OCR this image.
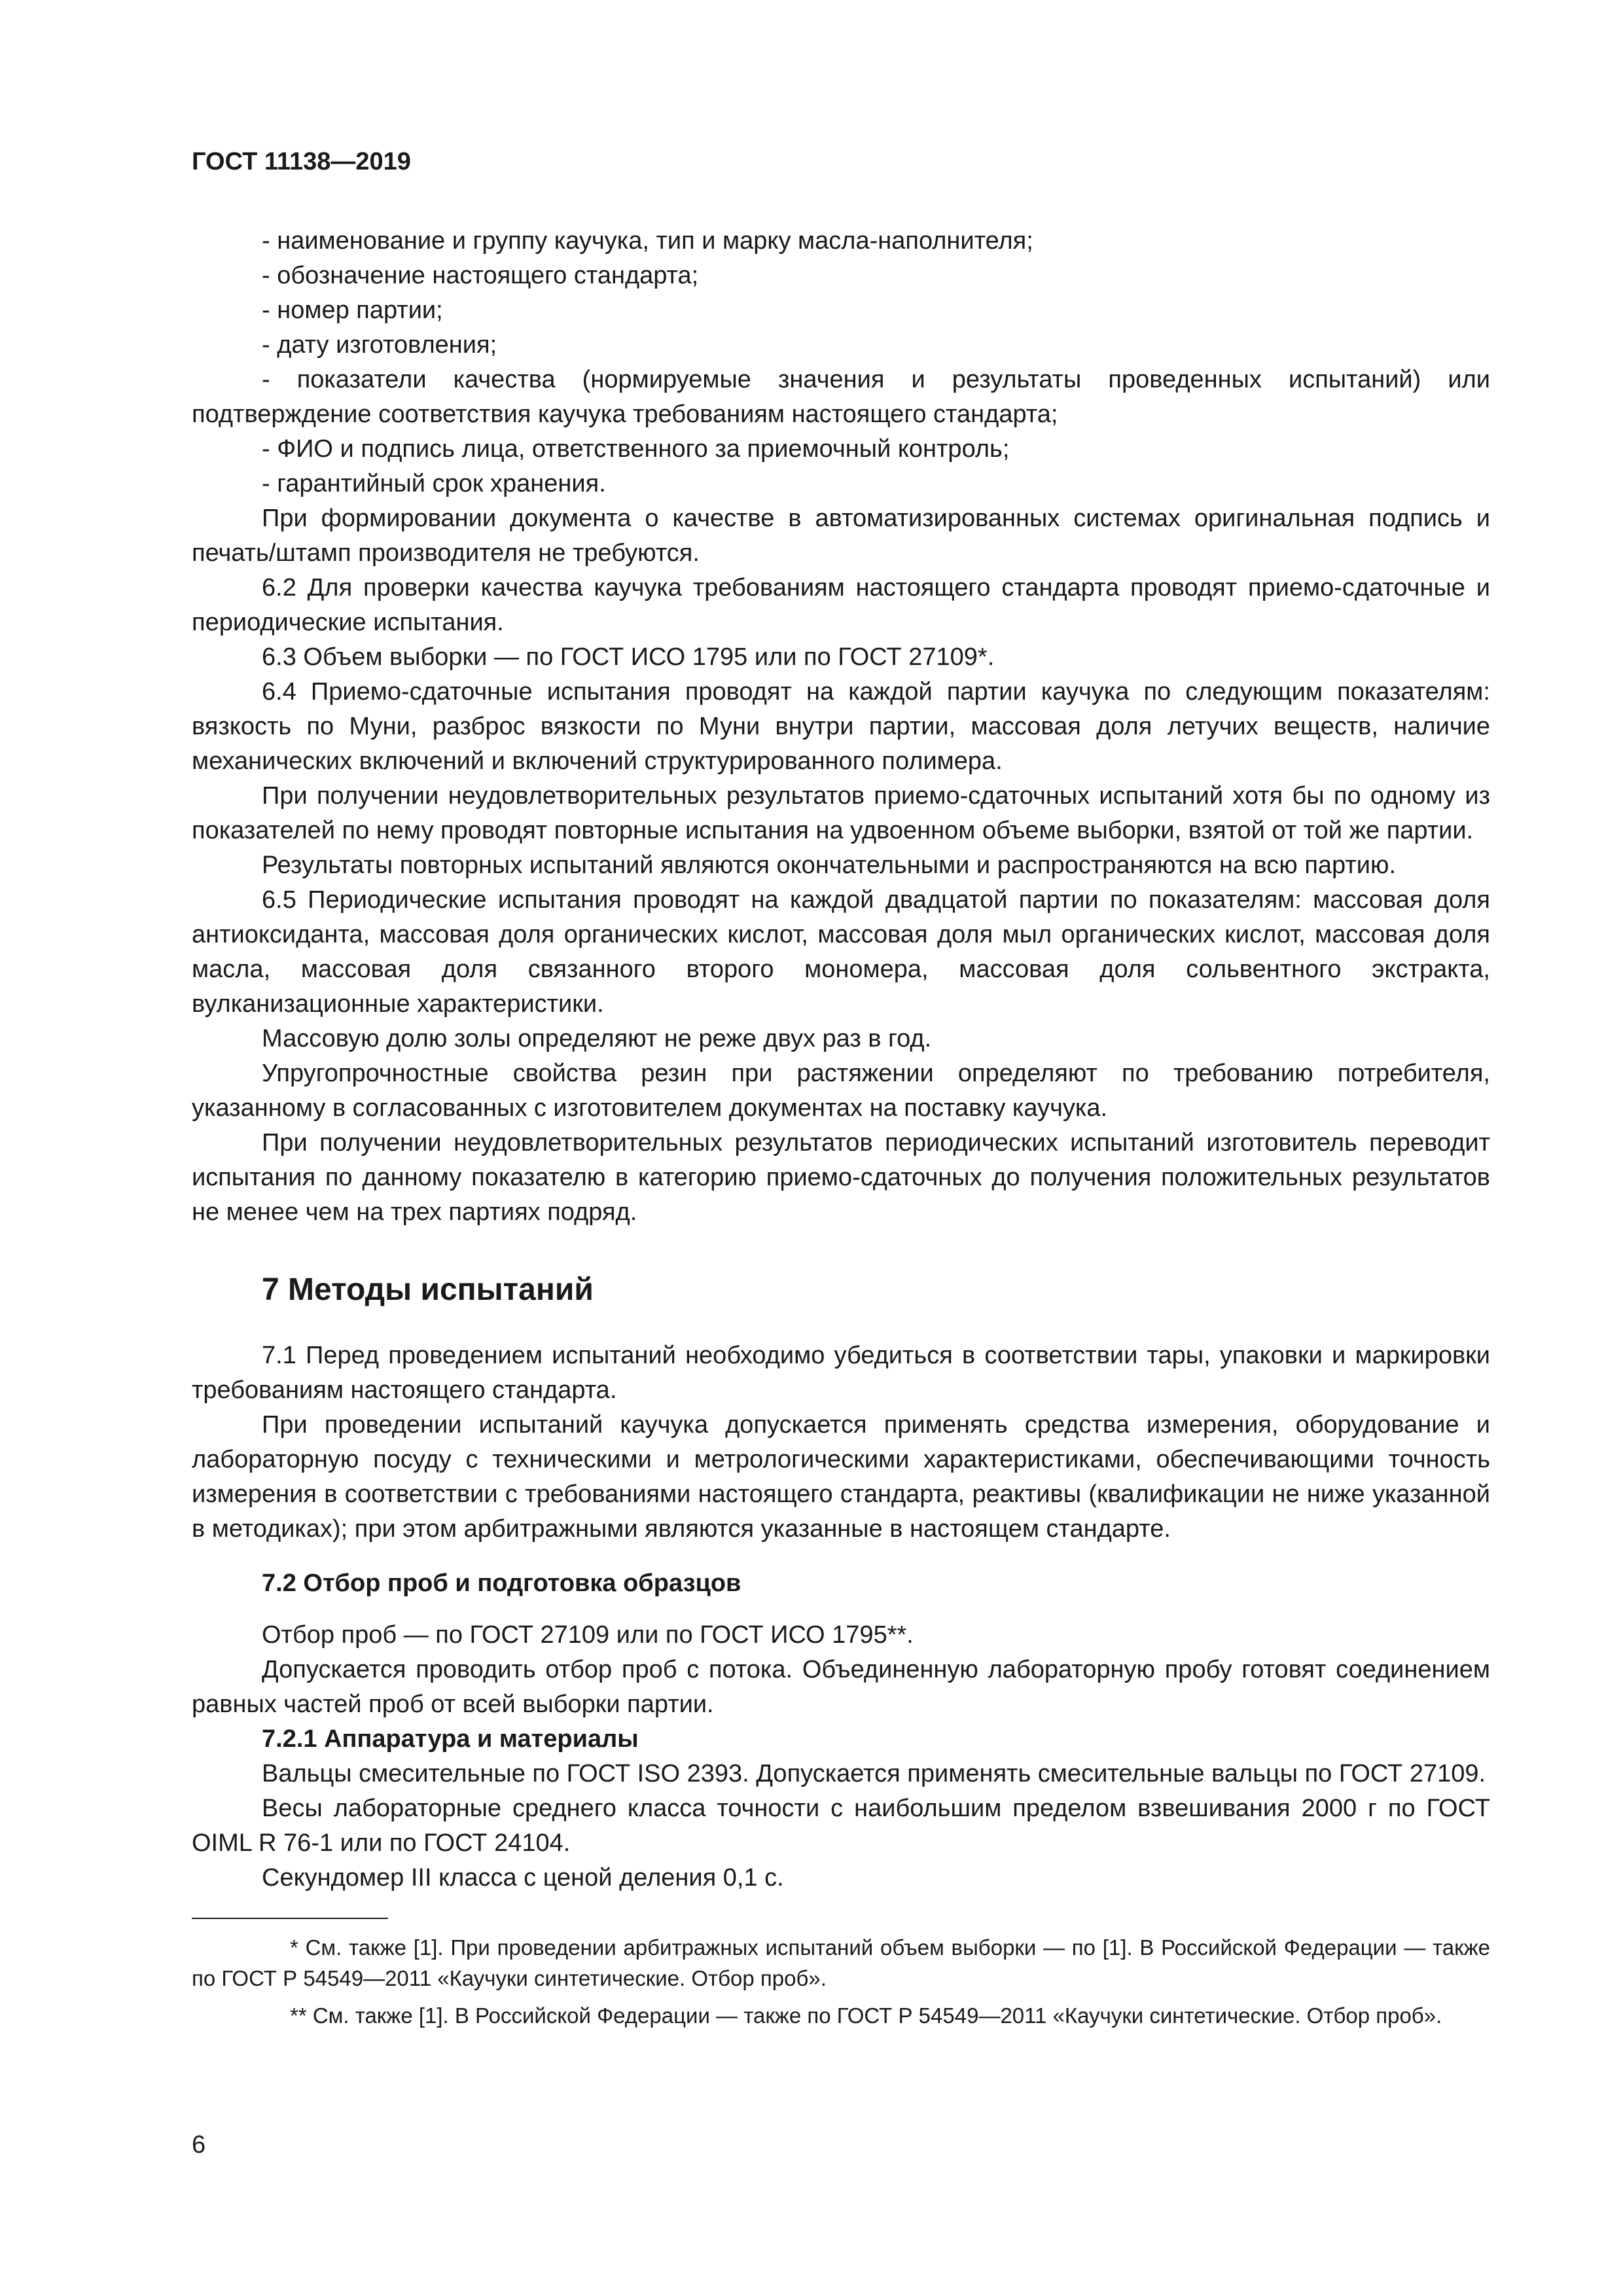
ГОСТ 11138—2019

- наименование и группу каучука, тип и марку масла-наполнителя;

- обозначение настоящего стандарта;

- номер партии;

- дату изготовления;

- показатели качества (нормируемые значения и результаты проведенных испытаний) или подтверждение соответствия каучука требованиям настоящего стандарта;

- ФИО и подпись лица, ответственного за приемочный контроль;

- гарантийный срок хранения.

При формировании документа о качестве в автоматизированных системах оригинальная подпись и печать/штамп производителя не требуются.

6.2 Для проверки качества каучука требованиям настоящего стандарта проводят приемо-сдаточные и периодические испытания.

6.3 Объем выборки — по ГОСТ ИСО 1795 или по ГОСТ 27109*.

6.4 Приемо-сдаточные испытания проводят на каждой партии каучука по следующим показателям: вязкость по Муни, разброс вязкости по Муни внутри партии, массовая доля летучих веществ, наличие механических включений и включений структурированного полимера.

При получении неудовлетворительных результатов приемо-сдаточных испытаний хотя бы по одному из показателей по нему проводят повторные испытания на удвоенном объеме выборки, взятой от той же партии.

Результаты повторных испытаний являются окончательными и распространяются на всю партию.

6.5 Периодические испытания проводят на каждой двадцатой партии по показателям: массовая доля антиоксиданта, массовая доля органических кислот, массовая доля мыл органических кислот, массовая доля масла, массовая доля связанного второго мономера, массовая доля сольвентного экстракта, вулканизационные характеристики.

Массовую долю золы определяют не реже двух раз в год.

Упругопрочностные свойства резин при растяжении определяют по требованию потребителя, указанному в согласованных с изготовителем документах на поставку каучука.

При получении неудовлетворительных результатов периодических испытаний изготовитель переводит испытания по данному показателю в категорию приемо-сдаточных до получения положительных результатов не менее чем на трех партиях подряд.

7 Методы испытаний

7.1 Перед проведением испытаний необходимо убедиться в соответствии тары, упаковки и маркировки требованиям настоящего стандарта.

При проведении испытаний каучука допускается применять средства измерения, оборудование и лабораторную посуду с техническими и метрологическими характеристиками, обеспечивающими точность измерения в соответствии с требованиями настоящего стандарта, реактивы (квалификации не ниже указанной в методиках); при этом арбитражными являются указанные в настоящем стандарте.

7.2 Отбор проб и подготовка образцов

Отбор проб — по ГОСТ 27109 или по ГОСТ ИСО 1795**.

Допускается проводить отбор проб с потока. Объединенную лабораторную пробу готовят соединением равных частей проб от всей выборки партии.

7.2.1 Аппаратура и материалы

Вальцы смесительные по ГОСТ ISO 2393. Допускается применять смесительные вальцы по ГОСТ 27109.

Весы лабораторные среднего класса точности с наибольшим пределом взвешивания 2000 г по ГОСТ OIML R 76-1 или по ГОСТ 24104.

Секундомер III класса с ценой деления 0,1 с.

* См. также [1]. При проведении арбитражных испытаний объем выборки — по [1]. В Российской Федерации — также по ГОСТ Р 54549—2011 «Каучуки синтетические. Отбор проб».

** См. также [1]. В Российской Федерации — также по ГОСТ Р 54549—2011 «Каучуки синтетические. Отбор проб».

6
